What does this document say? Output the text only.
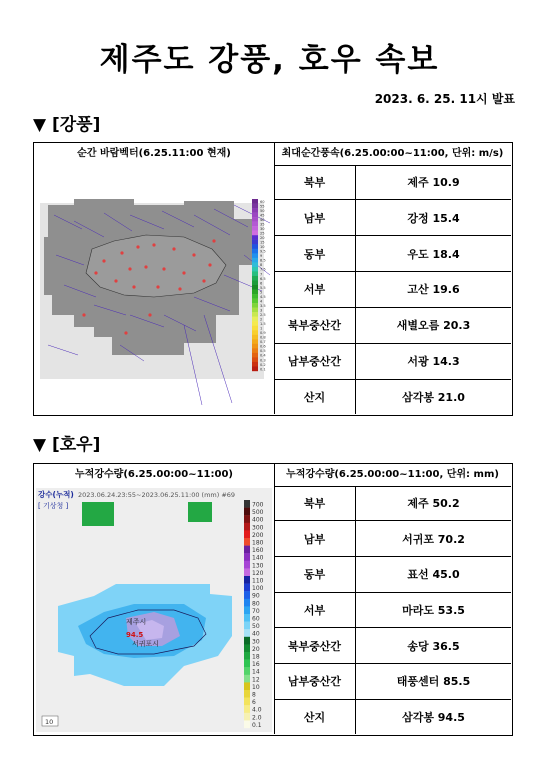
제주도 강풍, 호우 속보
2023. 6. 25. 11시 발표
▼ [강풍]
순간 바람벡터(6.25.11:00 현재)	최대순간풍속(6.25.00:00~11:00, 단위: m/s)
60
55
50
45
40
35
30
25
20
15
10
9.5
9
8.5
8
7.5
7
6.5
6
5.5
5
4.5
4
3.5
3
2.5
2
1.5
1
0.9
0.8
0.7
0.6
0.5
0.4
0.3
0.2
0.1
북부	제주 10.9
남부	강정 15.4
동부	우도 18.4
서부	고산 19.6
북부중산간	새별오름 20.3
남부중산간	서광 14.3
산지	삼각봉 21.0
▼ [호우]
누적강수량(6.25.00:00~11:00)	누적강수량(6.25.00:00~11:00, 단위: mm)
강수(누적) 2023.06.24.23:55~2023.06.25.11:00 (mm) #69
[ 기상청 ]
제주시
94.5
서귀포시
10
700
500
400
300
200
180
160
140
130
120
110
100
90
80
70
60
50
40
30
20
18
16
14
12
10
8
6
4.0
2.0
0.1
북부	제주 50.2
남부	서귀포 70.2
동부	표선 45.0
서부	마라도 53.5
북부중산간	송당 36.5
남부중산간	태풍센터 85.5
산지	삼각봉 94.5
